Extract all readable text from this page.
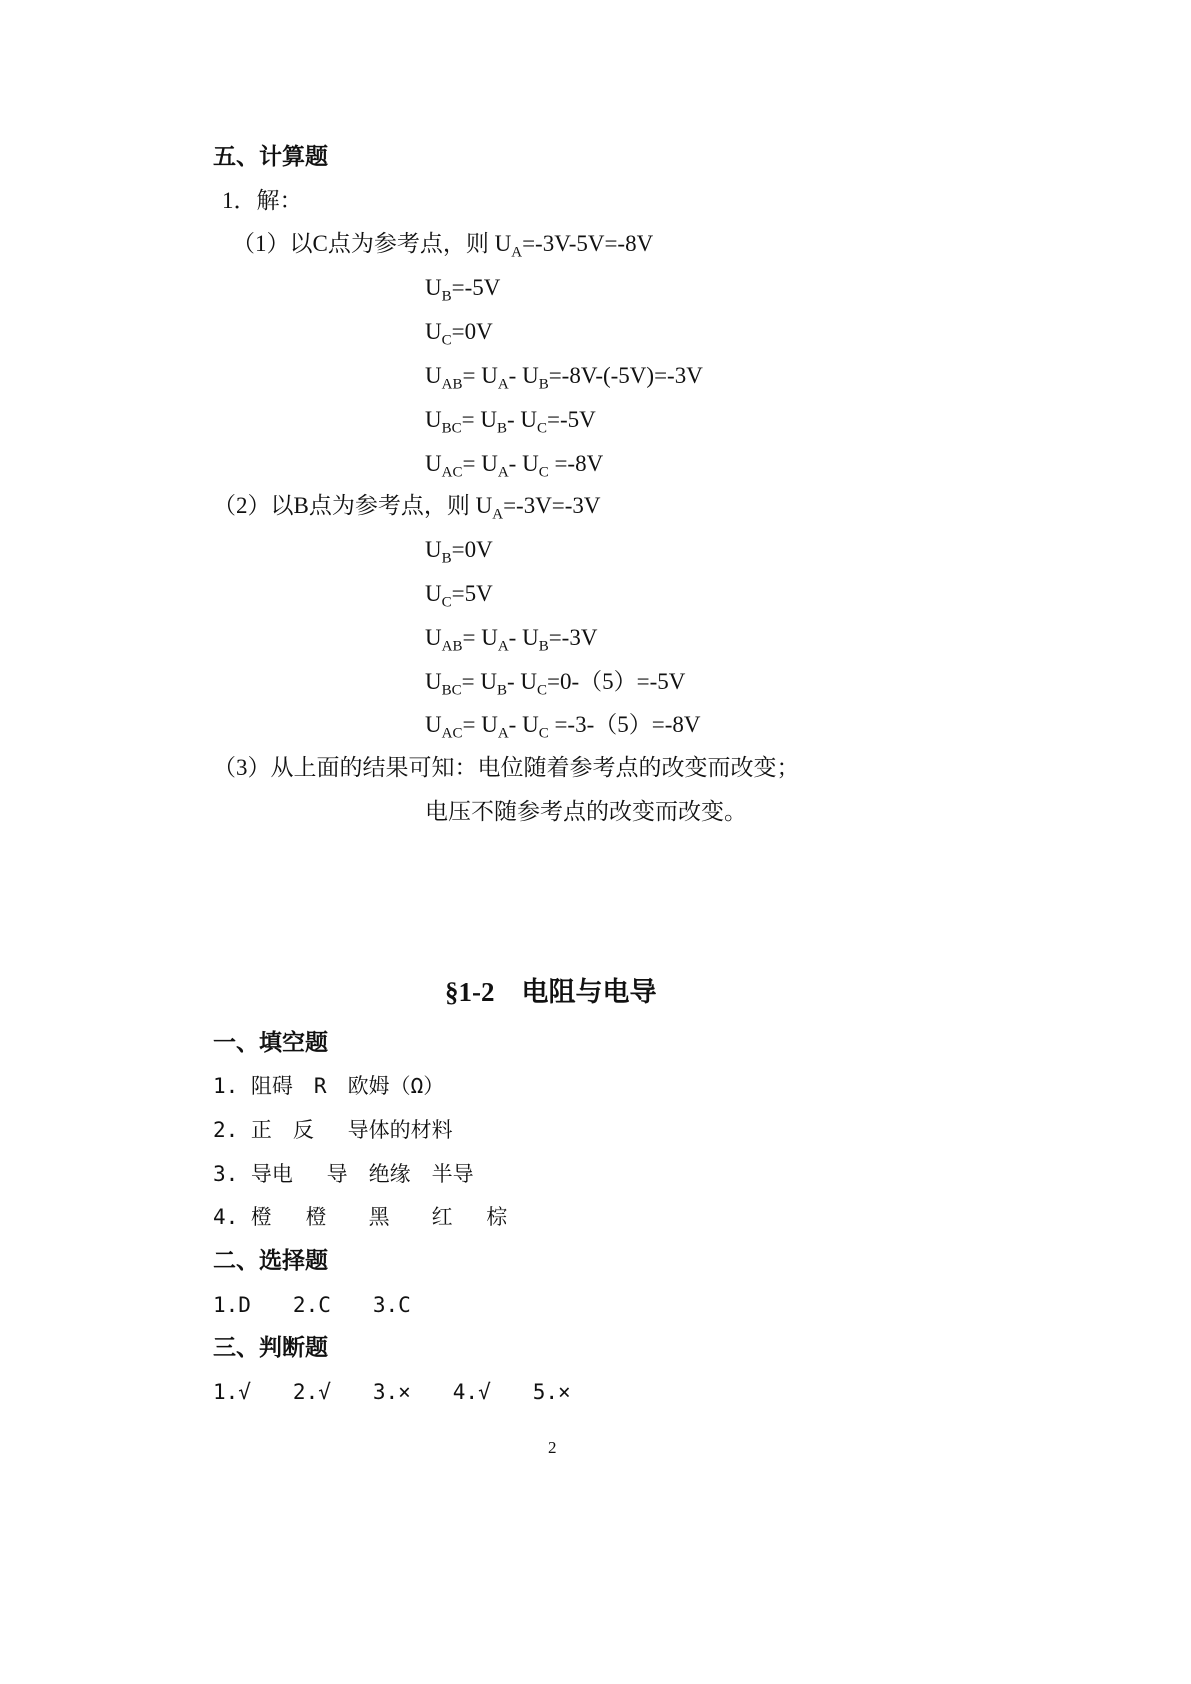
五、计算题
1．解：
（1）以C点为参考点，则 $U_A=-3V-5V=-8V$
$U_B=-5V$
$U_C=0V$
$U_{AB}= U_A-$ $U_B=-8V-(-5V)=-3V$
$U_{BC}= U_B-$ $U_C=-5V$
$U_{AC}= U_A-$ $U_C =-8V$
（2）以B点为参考点，则 $U_A=-3V=-3V$
$U_B=0V$
$U_C=5V$
$U_{AB}= U_A-$ $U_B=-3V$
$U_{BC}= U_B-$ $U_C=0-(5)=-5V$
$U_{AC}= U_A-$ $U_C =-3-(5)=-8V$
（3）从上面的结果可知：电位随着参考点的改变而改变；
电压不随参考点的改变而改变。
§1-2　电阻与电导
一、填空题
1. 阻碍　R　欧姆（Ω）
2. 正　反　 导体的材料
3. 导电　 导　绝缘　半导
4. 橙　 橙　　黑　　红　 棕
二、选择题
1.D　　2.C　　3.C
三、判断题
1.√　　2.√　　3.×　　4.√　　5.×
2
